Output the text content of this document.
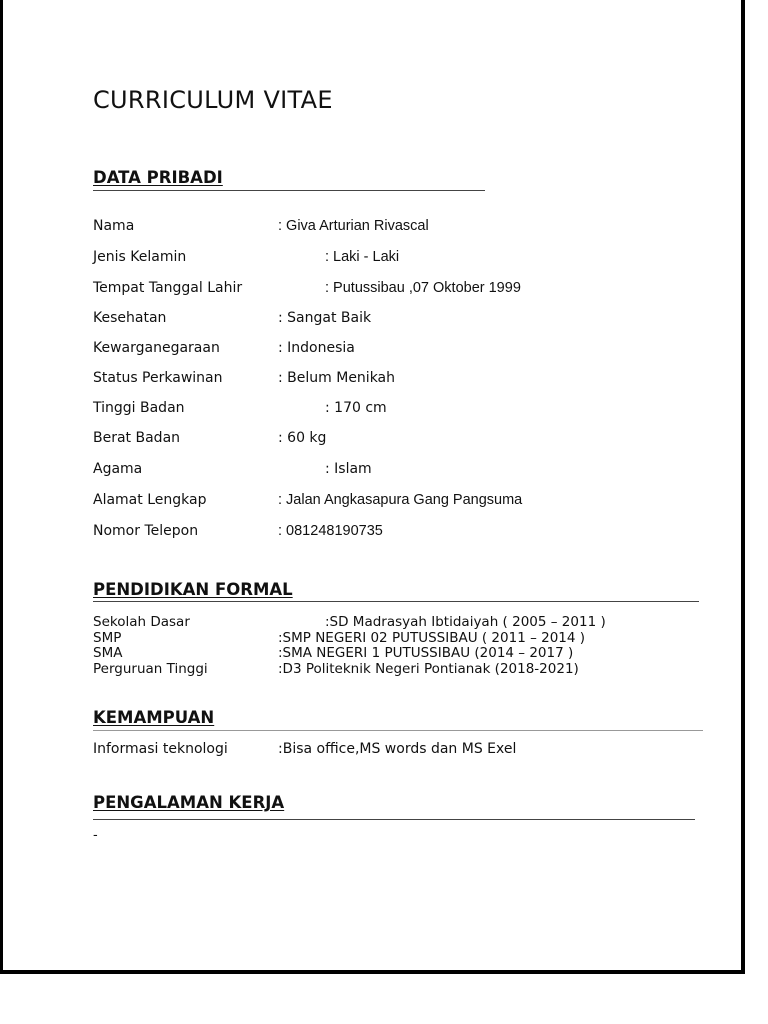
CURRICULUM VITAE
DATA PRIBADI
Nama	: Giva Arturian Rivascal
Jenis Kelamin	: Laki - Laki
Tempat Tanggal Lahir	: Putussibau ,07 Oktober 1999
Kesehatan	: Sangat Baik
Kewarganegaraan	: Indonesia
Status Perkawinan	: Belum Menikah
Tinggi Badan	: 170 cm
Berat Badan	: 60 kg
Agama	: Islam
Alamat Lengkap	: Jalan Angkasapura Gang Pangsuma
Nomor Telepon	: 081248190735
PENDIDIKAN FORMAL
Sekolah Dasar	:SD Madrasyah Ibtidaiyah ( 2005 – 2011 )
SMP	:SMP NEGERI 02 PUTUSSIBAU ( 2011 – 2014 )
SMA	:SMA NEGERI 1 PUTUSSIBAU (2014 – 2017 )
Perguruan Tinggi	:D3 Politeknik Negeri Pontianak (2018-2021)
KEMAMPUAN
Informasi teknologi	:Bisa office,MS words dan MS Exel
PENGALAMAN KERJA
-
